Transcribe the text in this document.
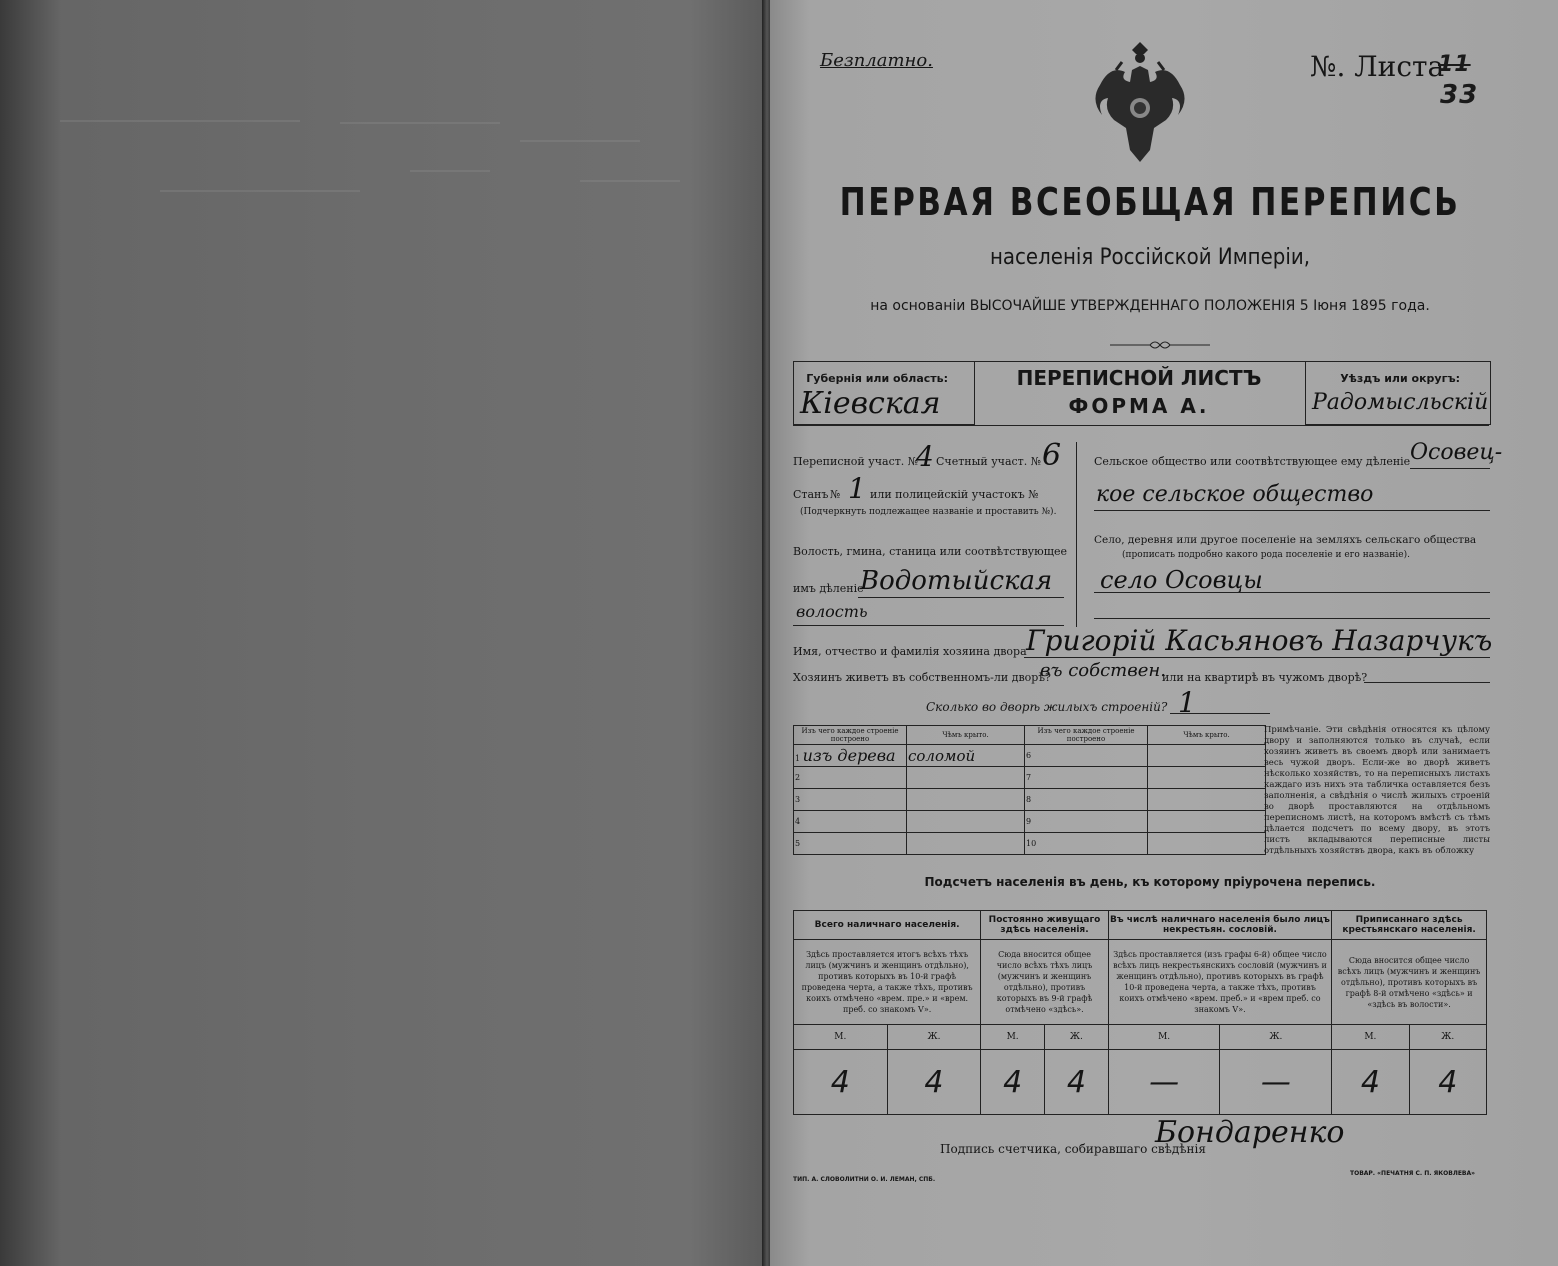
Безплатно.	№. Листа
11
33
ПЕРВАЯ ВСЕОБЩАЯ ПЕРЕПИСЬ
населенія Россійской Имперіи,
на основаніи ВЫСОЧАЙШЕ УТВЕРЖДЕННАГО ПОЛОЖЕНІЯ 5 Іюня 1895 года.
Губернія или область:
Кіевская
ПЕРЕПИСНОЙ ЛИСТЪ
ФОРМА А.
Уѣздъ или округъ:
Радомысльскій
Переписной участ. №
4 Счетный участ. № 6
Станъ № 1 или полицейскій участокъ №
(Подчеркнуть подлежащее названіе и проставить №).
Волость, гмина, станица или соотвѣтствующее
имъ дѣленіе
Водотыйская
волость
Сельское общество или соотвѣтствующее ему дѣленіе Осовец-
кое сельское общество
Село, деревня или другое поселеніе на земляхъ сельскаго общества
(прописать подробно какого рода поселеніе и его названіе).
село Осовцы
Имя, отчество и фамилія хозяина двора Григорій Касьяновъ Назарчукъ
Хозяинъ живетъ въ собственномъ-ли дворѣ?
въ собствен.
или на квартирѣ въ чужомъ дворѣ?
Сколько во дворѣ жилыхъ строеній? 1
Изъ чего каждое строеніе построено	Чѣмъ крыто.	Изъ чего каждое строеніе построено	Чѣмъ крыто.
1 изъ дерева	соломой	6	
2		7	
3		8	
4		9	
5		10	
Примѣчаніе. Эти свѣдѣнія относятся къ цѣлому двору и заполняются только въ случаѣ, если хозяинъ живетъ въ своемъ дворѣ или занимаетъ весь чужой дворъ. Если-же во дворѣ живетъ нѣсколько хозяйствъ, то на переписныхъ листахъ каждаго изъ нихъ эта табличка оставляется безъ заполненія, а свѣдѣнія о числѣ жилыхъ строеній во дворѣ проставляются на отдѣльномъ переписномъ листѣ, на которомъ вмѣстѣ съ тѣмъ дѣлается подсчетъ по всему двору, въ этотъ листъ вкладываются переписные листы отдѣльныхъ хозяйствъ двора, какъ въ обложку
Подсчетъ населенія въ день, къ которому пріурочена перепись.
Всего наличнаго населенія.		Постоянно живущаго здѣсь населенія.		Въ числѣ наличнаго населенія было лицъ некрестьян. сословій.		Приписаннаго здѣсь крестьянскаго населенія.	
Здѣсь проставляется итогъ всѣхъ тѣхъ лицъ (мужчинъ и женщинъ отдѣльно), противъ которыхъ въ 10-й графѣ проведена черта, а также тѣхъ, противъ коихъ отмѣчено «врем. пре.» и «врем. преб. со знакомъ V».		Сюда вносится общее число всѣхъ тѣхъ лицъ (мужчинъ и женщинъ отдѣльно), противъ которыхъ въ 9-й графѣ отмѣчено «здѣсь».		Здѣсь проставляется (изъ графы 6-й) общее число всѣхъ лицъ некрестьянскихъ сословій (мужчинъ и женщинъ отдѣльно), противъ которыхъ въ графѣ 10-й проведена черта, а также тѣхъ, противъ коихъ отмѣчено «врем. преб.» и «врем преб. со знакомъ V».		Сюда вносится общее число всѣхъ лицъ (мужчинъ и женщинъ отдѣльно), противъ которыхъ въ графѣ 8-й отмѣчено «здѣсь» и «здѣсь въ волости».	
М.	Ж.	М.	Ж.	М.	Ж.	М.	Ж.
4	4	4	4	—	—	4	4
Подпись счетчика, собиравшаго свѣдѣнія
Бондаренко
ТИП. А. СЛОВОЛИТНИ О. И. ЛЕМАН, СПБ.
ТОВАР. «ПЕЧАТНЯ С. П. ЯКОВЛЕВА»
